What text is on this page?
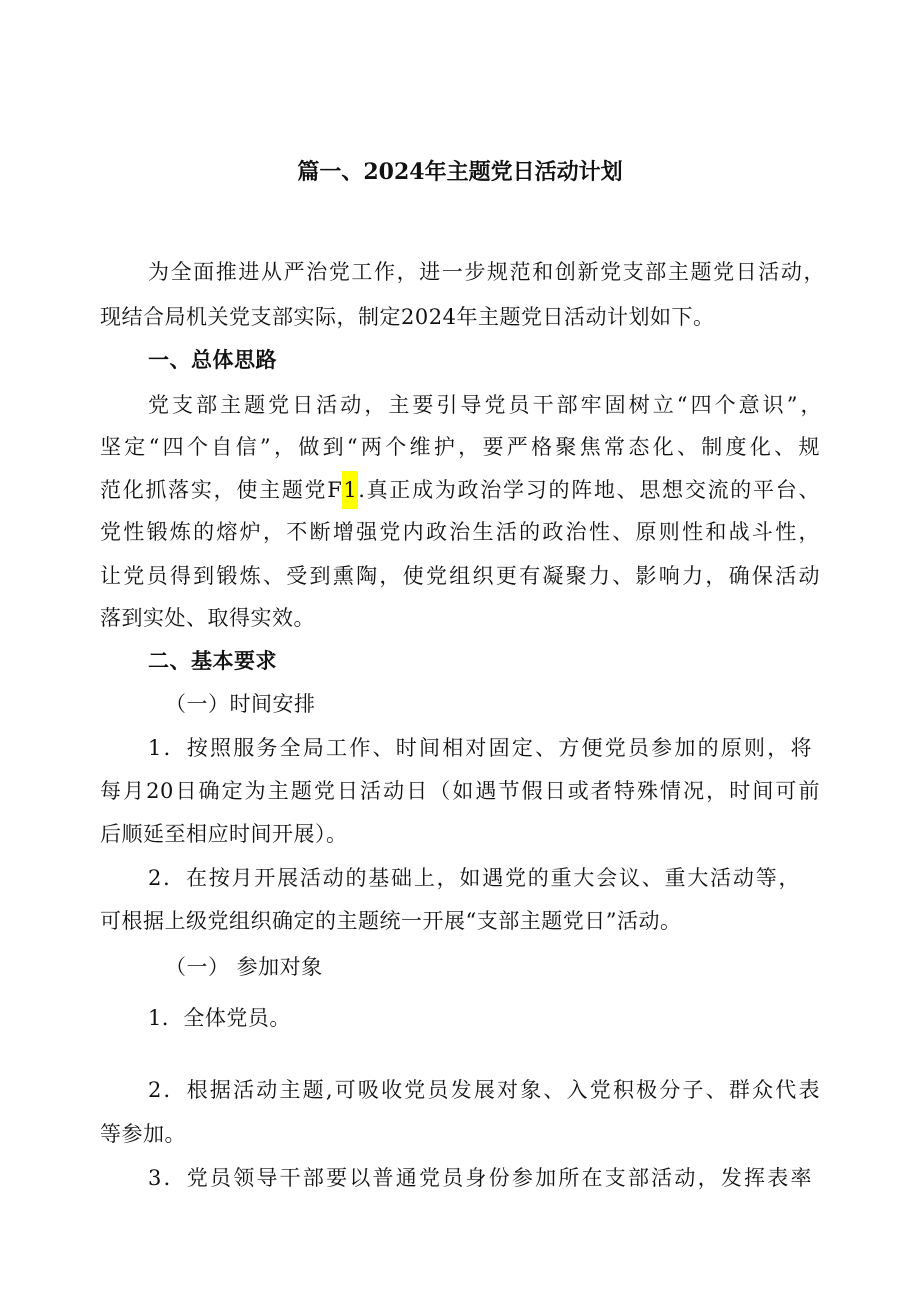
篇一、2024年主题党日活动计划
为全面推进从严治党工作，进一步规范和创新党支部主题党日活动，
现结合局机关党支部实际，制定2024年主题党日活动计划如下。
一、总体思路
党支部主题党日活动，主要引导党员干部牢固树立“四个意识”，
坚定“四个自信”，做到“两个维护，要严格聚焦常态化、制度化、规
范化抓落实，使主题党F1.真正成为政治学习的阵地、思想交流的平台、
党性锻炼的熔炉，不断增强党内政治生活的政治性、原则性和战斗性，
让党员得到锻炼、受到熏陶，使党组织更有凝聚力、影响力，确保活动
落到实处、取得实效。
二、基本要求
（一）时间安排
1．按照服务全局工作、时间相对固定、方便党员参加的原则，将
每月20日确定为主题党日活动日（如遇节假日或者特殊情况，时间可前
后顺延至相应时间开展）。
2．在按月开展活动的基础上，如遇党的重大会议、重大活动等，
可根据上级党组织确定的主题统一开展“支部主题党日”活动。
（一） 参加对象
1．全体党员。
2．根据活动主题,可吸收党员发展对象、入党积极分子、群众代表
等参加。
3．党员领导干部要以普通党员身份参加所在支部活动，发挥表率
